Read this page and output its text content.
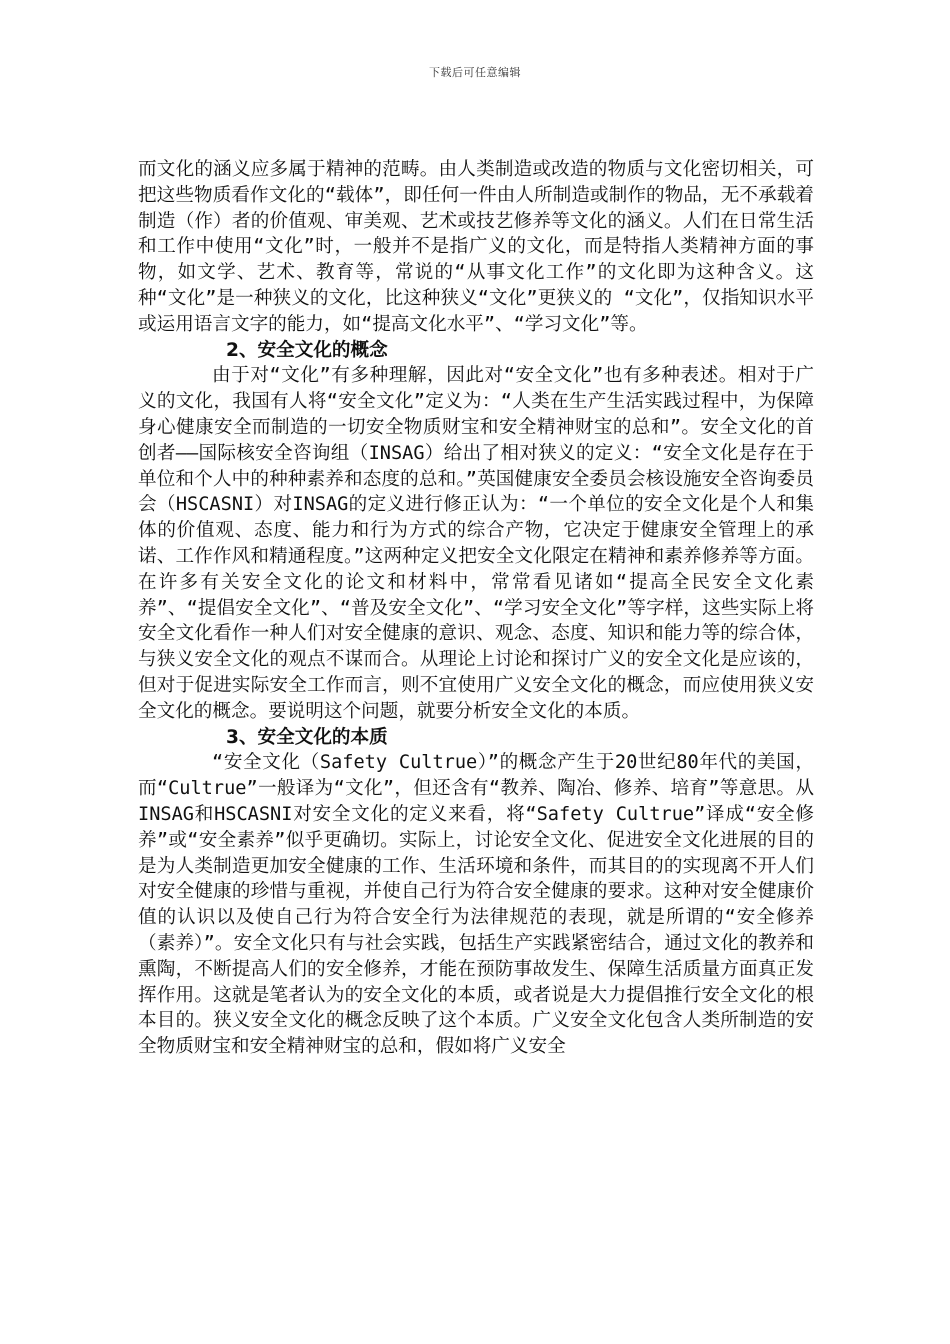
下载后可任意编辑

而文化的涵义应多属于精神的范畴。由人类制造或改造的物质与文化密切相关，可把这些物质看作文化的“载体”，即任何一件由人所制造或制作的物品，无不承载着制造（作）者的价值观、审美观、艺术或技艺修养等文化的涵义。人们在日常生活和工作中使用“文化”时，一般并不是指广义的文化，而是特指人类精神方面的事物，如文学、艺术、教育等，常说的“从事文化工作”的文化即为这种含义。这种“文化”是一种狭义的文化，比这种狭义“文化”更狭义的 “文化”，仅指知识水平或运用语言文字的能力，如“提高文化水平”、“学习文化”等。

2、安全文化的概念

由于对“文化”有多种理解，因此对“安全文化”也有多种表述。相对于广义的文化，我国有人将“安全文化”定义为：“人类在生产生活实践过程中，为保障身心健康安全而制造的一切安全物质财宝和安全精神财宝的总和”。安全文化的首创者——国际核安全咨询组（INSAG）给出了相对狭义的定义：“安全文化是存在于单位和个人中的种种素养和态度的总和。”英国健康安全委员会核设施安全咨询委员会（HSCASNI）对INSAG的定义进行修正认为：“一个单位的安全文化是个人和集体的价值观、态度、能力和行为方式的综合产物，它决定于健康安全管理上的承诺、工作作风和精通程度。”这两种定义把安全文化限定在精神和素养修养等方面。在许多有关安全文化的论文和材料中，常常看见诸如“提高全民安全文化素养”、“提倡安全文化”、“普及安全文化”、“学习安全文化”等字样，这些实际上将安全文化看作一种人们对安全健康的意识、观念、态度、知识和能力等的综合体，与狭义安全文化的观点不谋而合。从理论上讨论和探讨广义的安全文化是应该的，但对于促进实际安全工作而言，则不宜使用广义安全文化的概念，而应使用狭义安全文化的概念。要说明这个问题，就要分析安全文化的本质。

3、安全文化的本质

“安全文化（Safety Cultrue）”的概念产生于20世纪80年代的美国，而“Cultrue”一般译为“文化”，但还含有“教养、陶冶、修养、培育”等意思。从INSAG和HSCASNI对安全文化的定义来看，将“Safety Cultrue”译成“安全修养”或“安全素养”似乎更确切。实际上，讨论安全文化、促进安全文化进展的目的是为人类制造更加安全健康的工作、生活环境和条件，而其目的的实现离不开人们对安全健康的珍惜与重视，并使自己行为符合安全健康的要求。这种对安全健康价值的认识以及使自己行为符合安全行为法律规范的表现，就是所谓的“安全修养（素养）”。安全文化只有与社会实践，包括生产实践紧密结合，通过文化的教养和熏陶，不断提高人们的安全修养，才能在预防事故发生、保障生活质量方面真正发挥作用。这就是笔者认为的安全文化的本质，或者说是大力提倡推行安全文化的根本目的。狭义安全文化的概念反映了这个本质。广义安全文化包含人类所制造的安全物质财宝和安全精神财宝的总和，假如将广义安全
